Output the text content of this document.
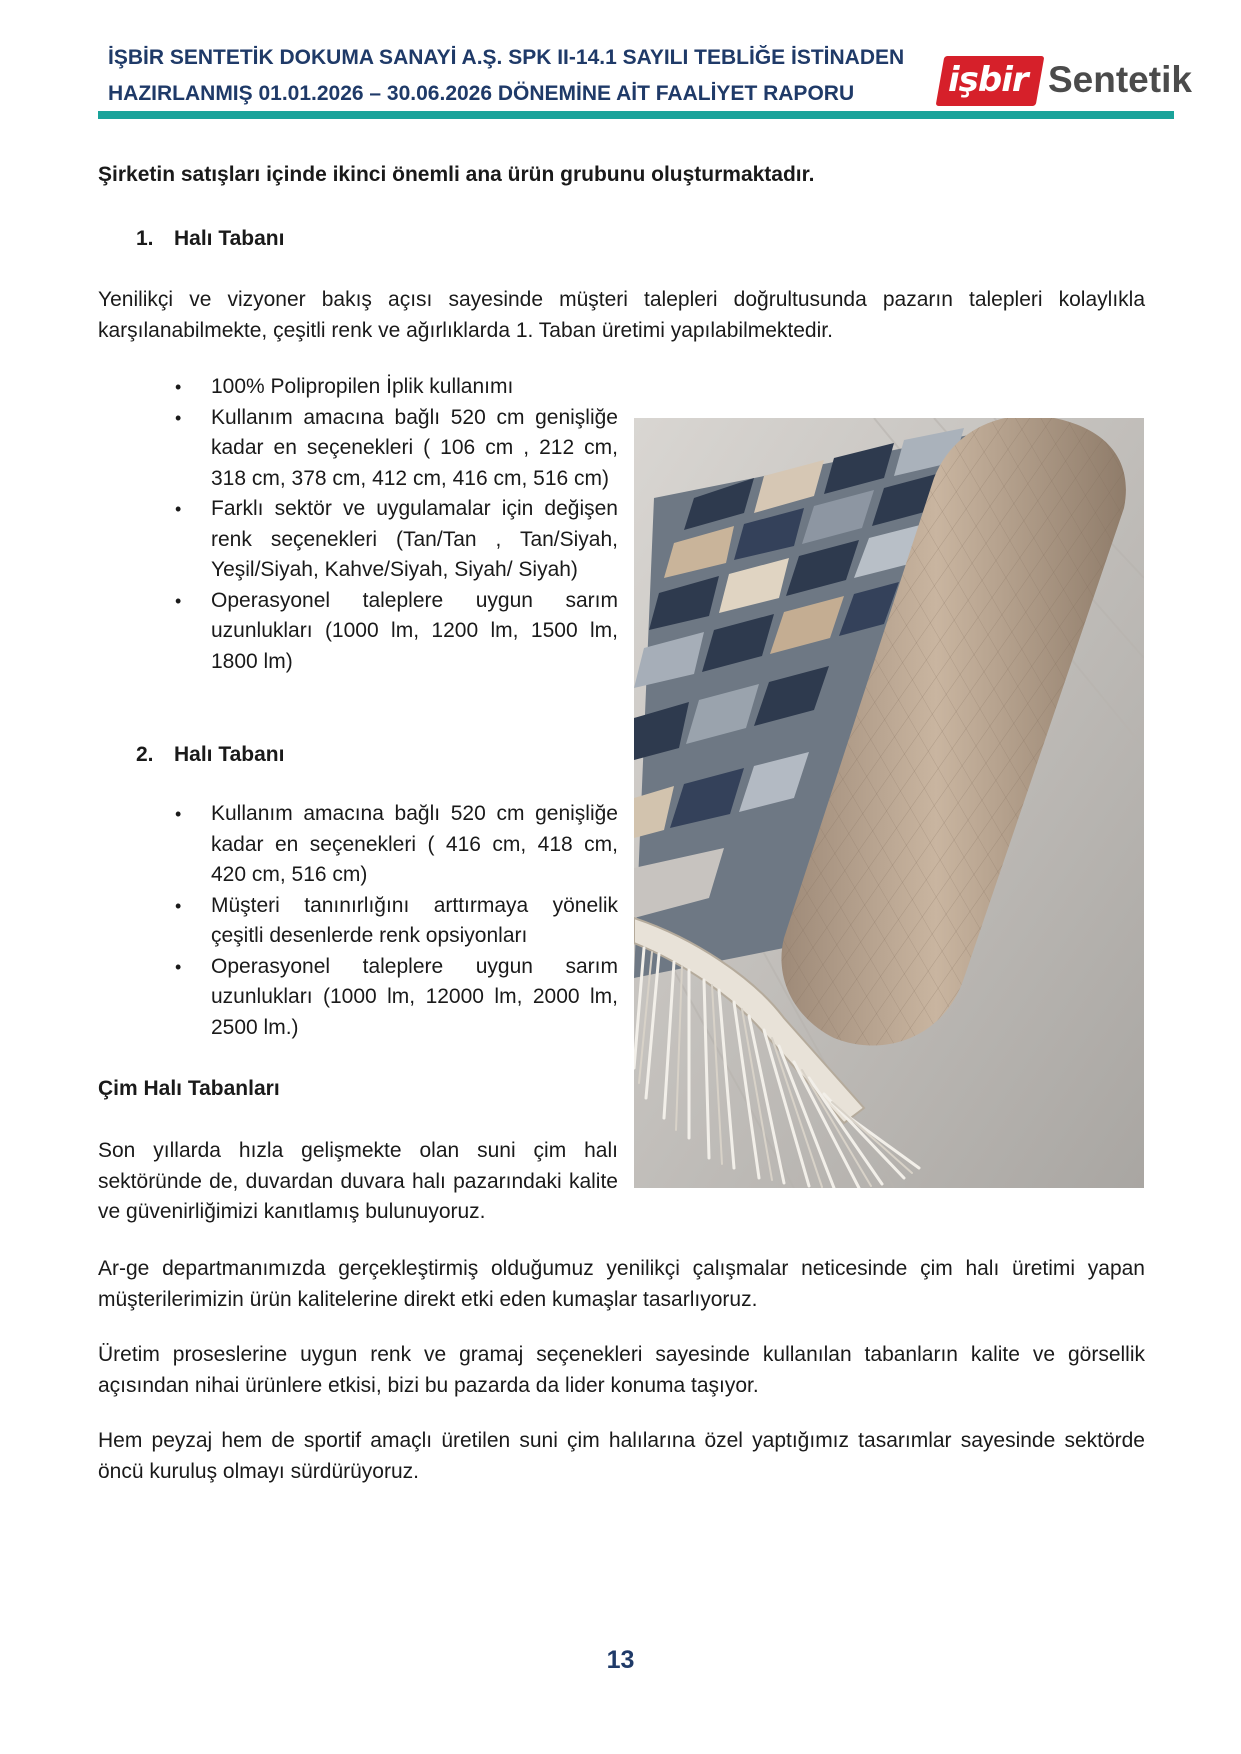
İŞBİR SENTETİK DOKUMA SANAYİ A.Ş. SPK II-14.1 SAYILI TEBLİĞE İSTİNADEN
HAZIRLANMIŞ 01.01.2026 – 30.06.2026 DÖNEMİNE AİT FAALİYET RAPORU	işbir Sentetik

Şirketin satışları içinde ikinci önemli ana ürün grubunu oluşturmaktadır.

1. Halı Tabanı

Yenilikçi ve vizyoner bakış açısı sayesinde müşteri talepleri doğrultusunda pazarın talepleri kolaylıkla karşılanabilmekte, çeşitli renk ve ağırlıklarda 1. Taban üretimi yapılabilmektedir.

• 100% Polipropilen İplik kullanımı
• Kullanım amacına bağlı 520 cm genişliğe kadar en seçenekleri ( 106 cm , 212 cm, 318 cm, 378 cm, 412 cm, 416 cm, 516 cm)
• Farklı sektör ve uygulamalar için değişen renk seçenekleri (Tan/Tan , Tan/Siyah, Yeşil/Siyah, Kahve/Siyah, Siyah/ Siyah)
• Operasyonel taleplere uygun sarım uzunlukları (1000 lm, 1200 lm, 1500 lm, 1800 lm)
2. Halı Tabanı
• Kullanım amacına bağlı 520 cm genişliğe kadar en seçenekleri ( 416 cm, 418 cm, 420 cm, 516 cm)
• Müşteri tanınırlığını arttırmaya yönelik çeşitli desenlerde renk opsiyonları
• Operasyonel taleplere uygun sarım uzunlukları (1000 lm, 12000 lm, 2000 lm, 2500 lm.)

Çim Halı Tabanları

Son yıllarda hızla gelişmekte olan suni çim halı sektöründe de, duvardan duvara halı pazarındaki kalite ve güvenirliğimizi kanıtlamış bulunuyoruz.

Ar-ge departmanımızda gerçekleştirmiş olduğumuz yenilikçi çalışmalar neticesinde çim halı üretimi yapan müşterilerimizin ürün kalitelerine direkt etki eden kumaşlar tasarlıyoruz.

Üretim proseslerine uygun renk ve gramaj seçenekleri sayesinde kullanılan tabanların kalite ve görsellik açısından nihai ürünlere etkisi, bizi bu pazarda da lider konuma taşıyor.

Hem peyzaj hem de sportif amaçlı üretilen suni çim halılarına özel yaptığımız tasarımlar sayesinde sektörde öncü kuruluş olmayı sürdürüyoruz.

13
